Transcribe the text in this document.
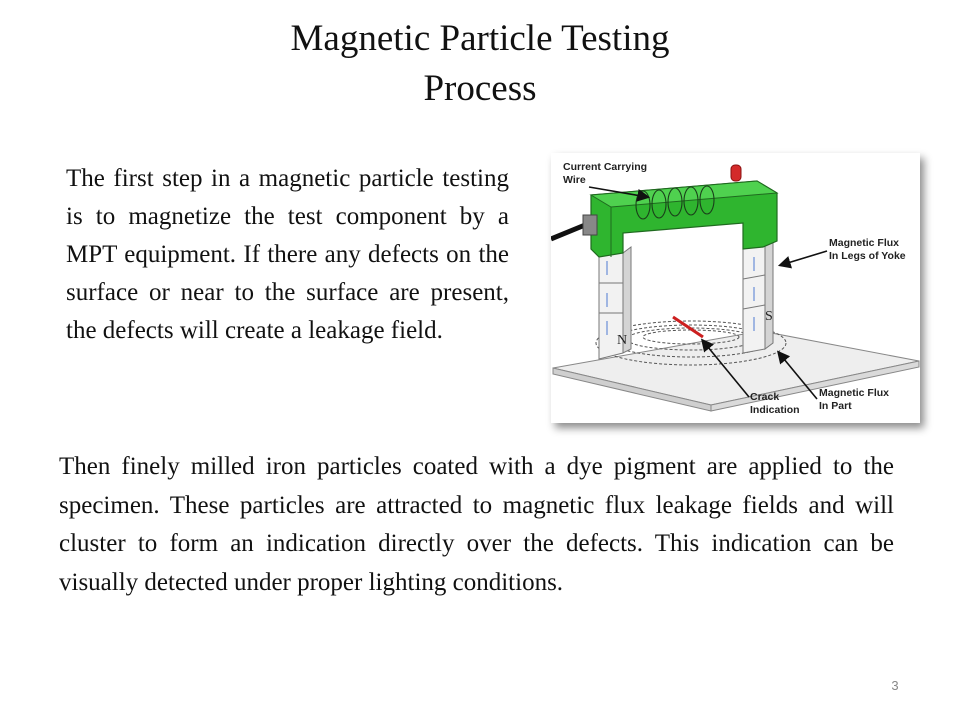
Magnetic Particle Testing
Process
The first step in a magnetic particle testing is to magnetize the test component by a MPT equipment. If there any defects on the surface or near to the surface are present, the defects will create a leakage field.	N
S
Current Carrying
Wire
Magnetic Flux
In Legs of Yoke
Magnetic Flux
In Part
Crack
Indication
Then finely milled iron particles coated with a dye pigment are applied to the specimen. These particles are attracted to magnetic flux leakage fields and will cluster to form an indication directly over the defects. This indication can be visually detected under proper lighting conditions.
3
